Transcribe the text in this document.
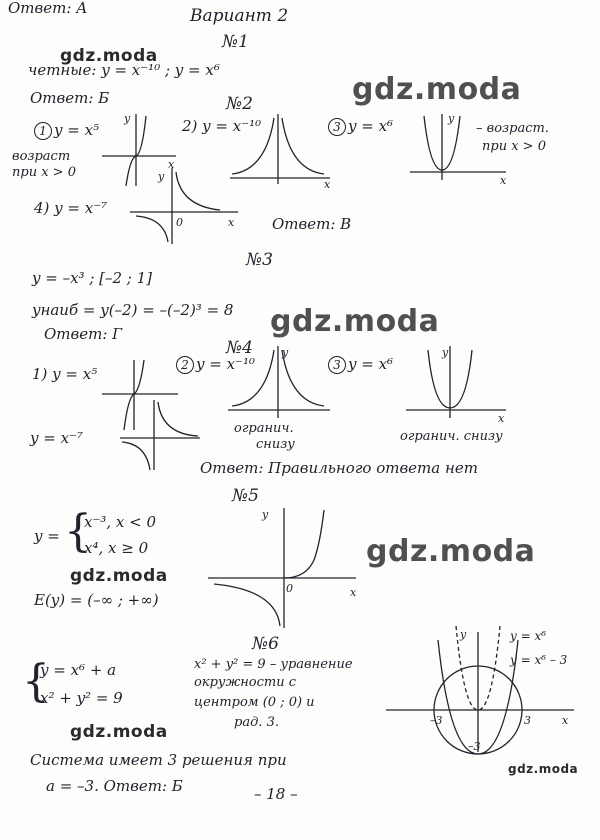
Ответ: А	Вариант 2
№1
четные: y = x⁻¹⁰ ; y = x⁶
Ответ: Б	№2
1 y = x⁵
возраст
при x > 0
2) y = x⁻¹⁰	3 y = x⁶	– возраст.
при x > 0
4) y = x⁻⁷
Ответ: В
y
x
x
y
x
y
0	x
№3
y = –x³ ; [–2 ; 1]
yнаиб = y(–2) = –(–2)³ = 8
Ответ: Г
№4
1) y = x⁵	2 y = x⁻¹⁰	3 y = x⁶
y = x⁻⁷
огранич.
снизу
огранич. снизу
Ответ: Правильного ответа нет
y	y
x
№5
y = {
x⁻³, x < 0
x⁴, x ≥ 0
E(y) = (–∞ ; +∞)
y
0	x
№6
{
y = x⁶ + a
x² + y² = 9
x² + y² = 9 – уравнение
окружности с
центром (0 ; 0) и
рад. 3.
Система имеет 3 решения при
a = –3. Ответ: Б
y
–3	3
–3
x
y = x⁶
y = x⁶ – 3
– 18 –
gdz.moda
gdz.moda
gdz.moda
gdz.moda
gdz.moda
gdz.moda
gdz.moda
